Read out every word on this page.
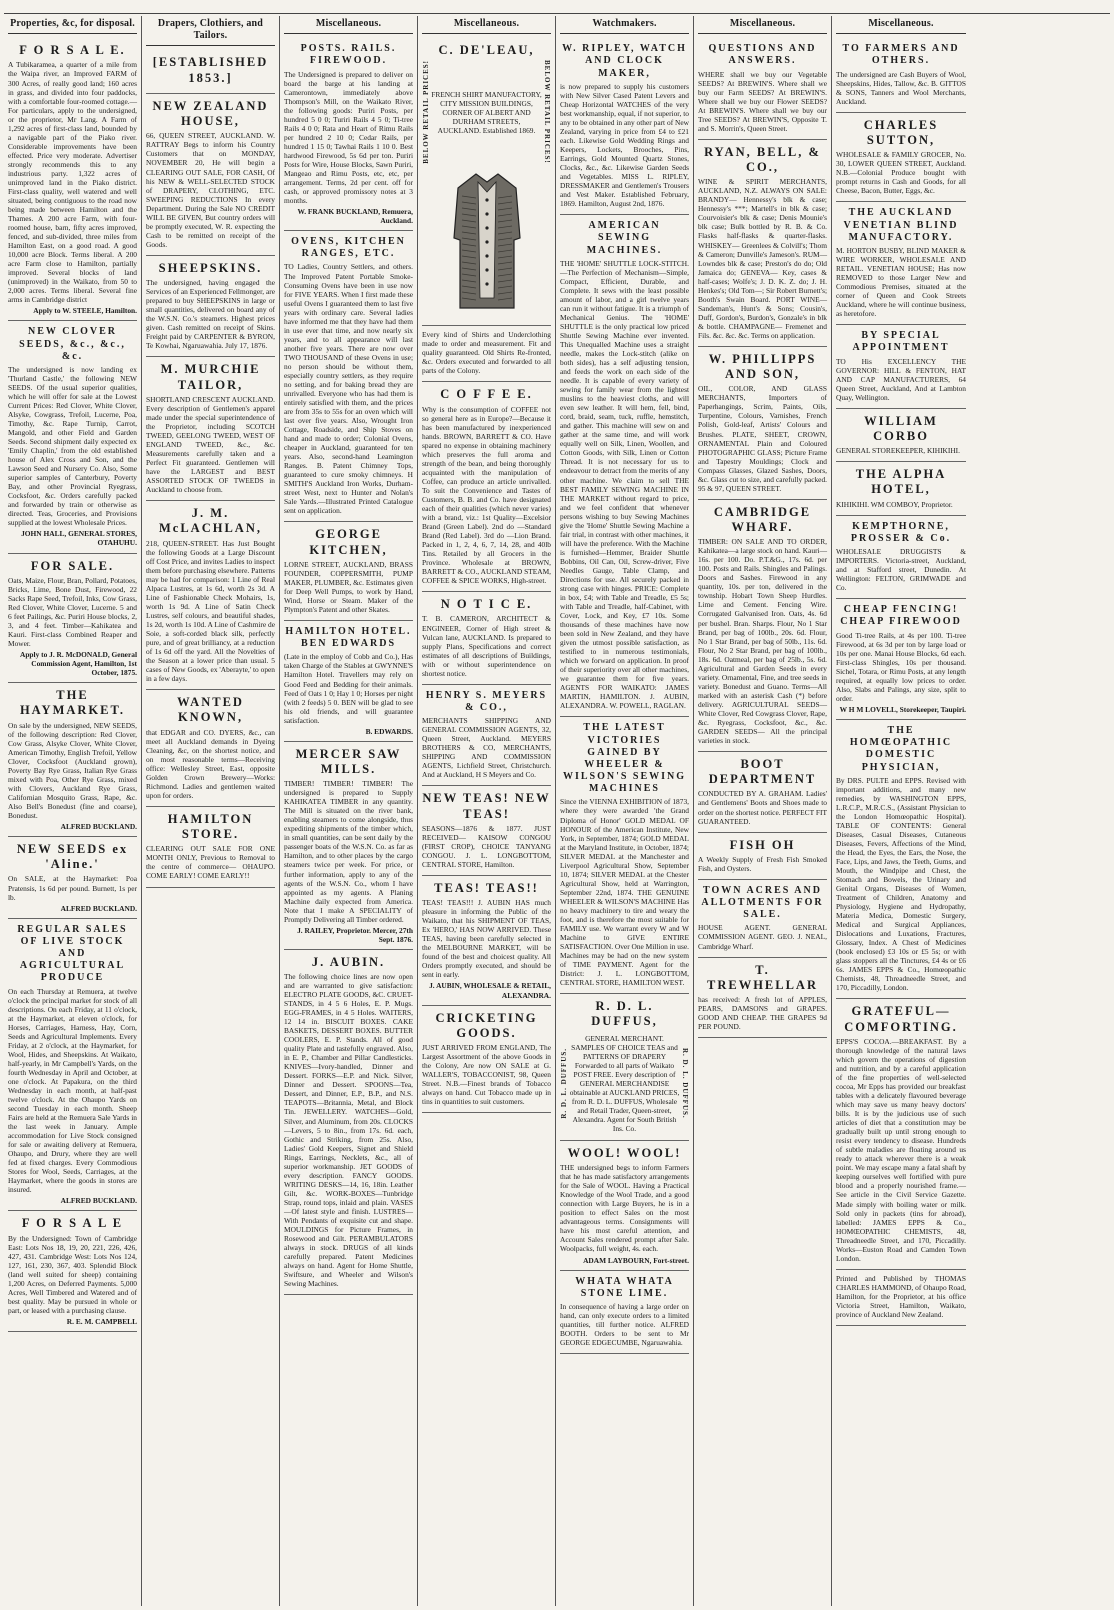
Properties, &c, for disposal.
F O R S A L E.

A Tubikaramea, a quarter of a mile from the Waipa river, an Improved FARM of 300 Acres, of really good land; 160 acres in grass, and divided into four paddocks, with a comfortable four-roomed cottage.—For particulars, apply to the undersigned, or the proprietor, Mr Lang. A Farm of 1,292 acres of first-class land, bounded by a navigable part of the Piako river. Considerable improvements have been effected. Price very moderate. Advertiser strongly recommends this to any industrious party. 1,322 acres of unimproved land in the Piako district. First-class quality, well watered and well situated, being contiguous to the road now being made between Hamilton and the Thames. A 200 acre Farm, with four-roomed house, barn, fifty acres improved, fenced, and sub-divided, three miles from Hamilton East, on a good road. A good 10,000 acre Block. Terms liberal. A 200 acre Farm close to Hamilton, partially improved. Several blocks of land (unimproved) in the Waikato, from 50 to 2,000 acres. Terms liberal. Several fine arms in Cambridge district

Apply to W. STEELE, Hamilton.
NEW CLOVER SEEDS, &c., &c., &c.

The undersigned is now landing ex 'Thurland Castle,' the following NEW SEEDS. Of the usual superior qualities, which he will offer for sale at the Lowest Current Prices: Red Clover, White Clover, Alsyke, Cowgrass, Trefoil, Lucerne, Poa, Timothy, &c. Rape Turnip, Carrot, Mangold, and other Field and Garden Seeds. Second shipment daily expected ex 'Emily Chaplin,' from the old established house of Alex Cross and Son, and the Lawson Seed and Nursery Co. Also, Some superior samples of Canterbury, Poverty Bay, and other Provincial Ryegrass, Cocksfoot, &c. Orders carefully packed and forwarded by train or otherwise as directed. Teas, Groceries, and Provisions supplied at the lowest Wholesale Prices.

JOHN HALL, GENERAL STORES, OTAHUHU.
FOR SALE.

Oats, Maize, Flour, Bran, Pollard, Potatoes, Bricks, Lime, Bone Dust, Firewood, 22 Sacks Rape Seed, Trefoil, Inks, Cow Grass, Red Clover, White Clover, Lucerne. 5 and 6 feet Pailings, &c. Puriri House blocks, 2, 3, and 4 feet. Timber—Kahikatea and Kauri. First-class Combined Reaper and Mower.

Apply to J. R. McDONALD, General Commission Agent, Hamilton, 1st October, 1875.
THE HAYMARKET.

On sale by the undersigned, NEW SEEDS, of the following description: Red Clover, Cow Grass, Alsyke Clover, White Clover, American Timothy, English Trefoil, Yellow Clover, Cocksfoot (Auckland grown), Poverty Bay Rye Grass, Italian Rye Grass mixed with Poa, Other Rye Grass, mixed with Clovers, Auckland Rye Grass, Californian Mosquito Grass, Rape, &c. Also Bell's Bonedust (fine and coarse), Bonedust.

ALFRED BUCKLAND.
NEW SEEDS ex 'Aline.'

On SALE, at the Haymarket: Poa Pratensis, 1s 6d per pound. Burnett, 1s per lb.

ALFRED BUCKLAND.
REGULAR SALES OF LIVE STOCK AND AGRICULTURAL PRODUCE

On each Thursday at Remuera, at twelve o'clock the principal market for stock of all descriptions. On each Friday, at 11 o'clock, at the Haymarket, at eleven o'clock, for Horses, Carriages, Harness, Hay, Corn, Seeds and Agricultural Implements. Every Friday, at 2 o'clock, at the Haymarket, for Wool, Hides, and Sheepskins. At Waikato, half-yearly, in Mr Campbell's Yards, on the fourth Wednesday in April and October, at one o'clock. At Papakura, on the third Wednesday in each month, at half-past twelve o'clock. At the Ohaupo Yards on second Tuesday in each month. Sheep Fairs are held at the Remuera Sale Yards in the last week in January. Ample accommodation for Live Stock consigned for sale or awaiting delivery at Remuera, Ohaupo, and Drury, where they are well fed at fixed charges. Every Commodious Stores for Wool, Seeds, Carriages, at the Haymarket, where the goods in stores are insured.

ALFRED BUCKLAND.
F O R S A L E

By the Undersigned: Town of Cambridge East: Lots Nos 18, 19, 20, 221, 226, 426, 427, 431. Cambridge West: Lots Nos 124, 127, 161, 230, 367, 403. Splendid Block (land well suited for sheep) containing 1,200 Acres, on Deferred Payments. 5,000 Acres, Well Timbered and Watered and of best quality. May be pursued in whole or part, or leased with a purchasing clause.

R. E. M. CAMPBELL
Drapers, Clothiers, and Tailors.
[ESTABLISHED 1853.]
NEW ZEALAND HOUSE,

66, QUEEN STREET, AUCKLAND. W. RATTRAY Begs to inform his Country Customers that on MONDAY, NOVEMBER 20, He will begin a CLEARING OUT SALE, FOR CASH, Of his NEW & WELL-SELECTED STOCK of DRAPERY, CLOTHING, ETC. SWEEPING REDUCTIONS In every Department. During the Sale NO CREDIT WILL BE GIVEN, But country orders will be promptly executed, W. R. expecting the Cash to be remitted on receipt of the Goods.

SHEEPSKINS.

The undersigned, having engaged the Services of an Experienced Fellmonger, are prepared to buy SHEEPSKINS in large or small quantities, delivered on board any of the W.S.N. Co.'s steamers. Highest prices given. Cash remitted on receipt of Skins. Freight paid by CARPENTER & BYRON, Te Kowhai, Ngaruawahia. July 17, 1876.

M. MURCHIE TAILOR,

SHORTLAND CRESCENT AUCKLAND. Every description of Gentlemen's apparel made under the special superintendence of the Proprietor, including SCOTCH TWEED, GEELONG TWEED, WEST OF ENGLAND TWEED, &c., &c. Measurements carefully taken and a Perfect Fit guaranteed. Gentlemen will have the LARGEST and BEST ASSORTED STOCK OF TWEEDS in Auckland to choose from.

J. M. McLACHLAN,

218, QUEEN-STREET. Has Just Bought the following Goods at a Large Discount off Cost Price, and invites Ladies to inspect them before purchasing elsewhere. Patterns may be had for comparison: 1 Line of Real Alpaca Lustres, at 1s 6d, worth 2s 3d. A Line of Fashionable Check Mohairs, 1s, worth 1s 9d. A Line of Satin Check Lustres, self colours, and beautiful shades, 1s 2d, worth 1s 10d. A Line of Cashmire de Soie, a soft-corded black silk, perfectly pure, and of great brilliancy, at a reduction of 1s 6d off the yard. All the Novelties of the Season at a lower price than usual. 5 cases of New Goods, ex 'Aberayte,' to open in a few days.

WANTED KNOWN,

that EDGAR and CO. DYERS, &c., can meet all Auckland demands in Dyeing Cleaning, &c, on the shortest notice, and on most reasonable terms—Receiving office: Wellesley Street, East, opposite Golden Crown Brewery—Works: Richmond. Ladies and gentlemen waited upon for orders.

HAMILTON STORE.

CLEARING OUT SALE FOR ONE MONTH ONLY, Previous to Removal to the centre of commerce— OHAUPO. COME EARLY! COME EARLY!!

Miscellaneous.
POSTS. RAILS. FIREWOOD.

The Undersigned is prepared to deliver on board the barge at his landing at Camerontown, immediately above Thompson's Mill, on the Waikato River, the following goods: Puriri Posts, per hundred 5 0 0; Turiri Rails 4 5 0; Ti-tree Rails 4 0 0; Rata and Heart of Rimu Rails per hundred 2 10 0; Cedar Rails, per hundred 1 15 0; Tawhai Rails 1 10 0. Best hardwood Firewood, 5s 6d per ton. Puriri Posts for Wire, House Blocks, Sawn Puriri, Mangeao and Rimu Posts, etc, etc, per arrangement. Terms, 2d per cent. off for cash, or approved promissory notes at 3 months.

W. FRANK BUCKLAND, Remuera, Auckland.
OVENS, KITCHEN RANGES, ETC.

TO Ladies, Country Settlers, and others. The Improved Patent Portable Smoke-Consuming Ovens have been in use now for FIVE YEARS. When I first made these useful Ovens I guaranteed them to last five years with ordinary care. Several ladies have informed me that they have had them in use ever that time, and now nearly six years, and to all appearance will last another five years. There are now over TWO THOUSAND of these Ovens in use; no person should be without them, especially country settlers, as they require no setting, and for baking bread they are unrivalled. Everyone who has had them is entirely satisfied with them, and the prices are from 35s to 55s for an oven which will last over five years. Also, Wrought Iron Cottage, Roadside, and Ship Stoves on hand and made to order; Colonial Ovens, cheaper in Auckland, guaranteed for ten years. Also, second-hand Leamington Ranges. B. Patent Chimney Tops, guaranteed to cure smoky chimneys. H SMITH'S Auckland Iron Works, Durham-street West, next to Hunter and Nolan's Sale Yards.—Illustrated Printed Catalogue sent on application.

GEORGE KITCHEN,

LORNE STREET, AUCKLAND, BRASS FOUNDER, COPPERSMITH, PUMP MAKER, PLUMBER, &c. Estimates given for Deep Well Pumps, to work by Hand, Wind, Horse or Steam. Maker of the Plympton's Patent and other Skates.

HAMILTON HOTEL. BEN EDWARDS

(Late in the employ of Cobb and Co.), Has taken Charge of the Stables at GWYNNE'S Hamilton Hotel. Travellers may rely on Good Feed and Bedding for their animals. Feed of Oats 1 0; Hay 1 0; Horses per night (with 2 feeds) 5 0. BEN will be glad to see his old friends, and will guarantee satisfaction.

B. EDWARDS.
MERCER SAW MILLS.

TIMBER! TIMBER! TIMBER! The undersigned is prepared to Supply KAHIKATEA TIMBER in any quantity. The Mill is situated on the river bank, enabling steamers to come alongside, thus expediting shipments of the timber which, in small quantities, can be sent daily by the passenger boats of the W.S.N. Co. as far as Hamilton, and to other places by the cargo steamers twice per week. For price, or further information, apply to any of the agents of the W.S.N. Co., whom I have appointed as my agents. A Planing Machine daily expected from America. Note that I make A SPECIALITY of Promptly Delivering all Timber ordered.

J. RAILEY, Proprietor. Mercer, 27th Sept. 1876.
J. AUBIN.

The following choice lines are now open and are warranted to give satisfaction: ELECTRO PLATE GOODS, &C. CRUET-STANDS, in 4 5 6 Holes, E. P. Mugs. EGG-FRAMES, in 4 5 Holes. WAITERS, 12 14 in. BISCUIT BOXES. CAKE BASKETS, DESSERT BOXES. BUTTER COOLERS, E. P. Stands. All of good quality Plate and tastefully engraved. Also, in E. P., Chamber and Pillar Candlesticks. KNIVES—Ivory-handled, Dinner and Dessert. FORKS—E.P. and Nick. Silver, Dinner and Dessert. SPOONS—Tea, Dessert, and Dinner, E.P., B.P., and N.S. TEAPOTS—Britannia, Metal, and Block Tin. JEWELLERY. WATCHES—Gold, Silver, and Aluminum, from 20s. CLOCKS—Levers, 5 to 8in., from 17s. 6d. each, Gothic and Striking, from 25s. Also, Ladies' Gold Keepers, Signet and Shield Rings, Earrings, Necklets, &c., all of superior workmanship. JET GOODS of every description. FANCY GOODS. WRITING DESKS—14, 16, 18in. Leather Gilt, &c. WORK-BOXES—Tunbridge Strap, round tops, inlaid and plain. VASES—Of latest style and finish. LUSTRES—With Pendants of exquisite cut and shape. MOULDINGS for Picture Frames, in Rosewood and Gilt. PERAMBULATORS always in stock. DRUGS of all kinds carefully prepared. Patent Medicines always on hand. Agent for Home Shuttle, Swiftsure, and Wheeler and Wilson's Sewing Machines.

Miscellaneous.
C. DE'LEAU,
BELOW RETAIL PRICES! FRENCH SHIRT MANUFACTORY, CITY MISSION BUILDINGS, CORNER OF ALBERT AND DURHAM STREETS, AUCKLAND. Established 1869.	BELOW RETAIL PRICES!

Every kind of Shirts and Underclothing made to order and measurement. Fit and quality guaranteed. Old Shirts Re-fronted, &c. Orders executed and forwarded to all parts of the Colony.

C O F F E E.

Why is the consumption of COFFEE not so general here as in Europe?—Because it has been manufactured by inexperienced hands. BROWN, BARRETT & CO. Have spared no expense in obtaining machinery which preserves the full aroma and strength of the bean, and being thoroughly acquainted with the manipulation of Coffee, can produce an article unrivalled. To suit the Convenience and Tastes of Customers, B. B. and Co. have designated each of their qualities (which never varies) with a brand, viz.: 1st Quality—Excelsior Brand (Green Label). 2nd do —Standard Brand (Red Label). 3rd do —Lion Brand. Packed in 1, 2, 4, 6, 7, 14, 28, and 40lb Tins. Retailed by all Grocers in the Province. Wholesale at BROWN, BARRETT & CO., AUCKLAND STEAM, COFFEE & SPICE WORKS, High-street.

N O T I C E.

T. B. CAMERON, ARCHITECT & ENGINEER, Corner of High street & Vulcan lane, AUCKLAND. Is prepared to supply Plans, Specifications and correct estimates of all descriptions of Buildings, with or without superintendence on shortest notice.

HENRY S. MEYERS & CO.,

MERCHANTS SHIPPING AND GENERAL COMMISSION AGENTS, 32, Queen Street, Auckland. MEYERS BROTHERS & CO, MERCHANTS, SHIPPING AND COMMISSION AGENTS, Lichfield Street, Christchurch. And at Auckland, H S Meyers and Co.

NEW TEAS! NEW TEAS!

SEASONS—1876 & 1877. JUST RECEIVED— KAISOW CONGOU (FIRST CROP), CHOICE TANYANG CONGOU. J. L. LONGBOTTOM, CENTRAL STORE, Hamilton.

TEAS! TEAS!!

TEAS! TEAS!!! J. AUBIN HAS much pleasure in informing the Public of the Waikato, that his SHIPMENT OF TEAS, Ex 'HERO,' HAS NOW ARRIVED. These TEAS, having been carefully selected in the MELBOURNE MARKET, will be found of the best and choicest quality. All Orders promptly executed, and should be sent in early.

J. AUBIN, WHOLESALE & RETAIL, ALEXANDRA.
CRICKETING GOODS.

JUST ARRIVED FROM ENGLAND, The Largest Assortment of the above Goods in the Colony, Are now ON SALE at G. WALLER'S, TOBACCONIST, 98, Queen Street. N.B.—Finest brands of Tobacco always on hand. Cut Tobacco made up in tins in quantities to suit customers.

Watchmakers.
W. RIPLEY, WATCH AND CLOCK MAKER,

is now prepared to supply his customers with New Silver Cased Patent Levers and Cheap Horizontal WATCHES of the very best workmanship, equal, if not superior, to any to be obtained in any other part of New Zealand, varying in price from £4 to £21 each. Likewise Gold Wedding Rings and Keepers, Lockets, Brooches, Pins, Earrings, Gold Mounted Quartz Stones, Clocks, &c., &c. Likewise Garden Seeds and Vegetables. MISS L. RIPLEY, DRESSMAKER and Gentlemen's Trousers and Vest Maker. Established February, 1869. Hamilton, August 2nd, 1876.

AMERICAN SEWING MACHINES.

THE 'HOME' SHUTTLE LOCK-STITCH.—The Perfection of Mechanism—Simple, Compact, Efficient, Durable, and Complete. It sews with the least possible amount of labor, and a girl twelve years can run it without fatigue. It is a triumph of Mechanical Genius. The 'HOME' SHUTTLE is the only practical low priced Shuttle Sewing Machine ever invented. This Unequalled Machine uses a straight needle, makes the Lock-stitch (alike on both sides), has a self adjusting tension, and feeds the work on each side of the needle. It is capable of every variety of sewing for family wear from the lightest muslins to the heaviest cloths, and will even sew leather. It will hem, fell, bind, cord, braid, seam, tuck, ruffle, hemstitch, and gather. This machine will sew on and gather at the same time, and will work equally well on Silk, Linen, Woollen, and Cotton Goods, with Silk, Linen or Cotton Thread. It is not necessary for us to endeavour to detract from the merits of any other machine. We claim to sell THE BEST FAMILY SEWING MACHINE IN THE MARKET without regard to price, and we feel confident that whenever persons wishing to buy Sewing Machines give the 'Home' Shuttle Sewing Machine a fair trial, in contrast with other machines, it will have the preference. With the Machine is furnished—Hemmer, Braider Shuttle Bobbins, Oil Can, Oil, Screw-driver, Five Needles Gauge, Table Clamp, and Directions for use. All securely packed in strong case with hinges. PRICE: Complete in box, £4; with Table and Treadle, £5 5s; with Table and Treadle, half-Cabinet, with Cover, Lock, and Key, £7 10s. Some thousands of these machines have now been sold in New Zealand, and they have given the utmost possible satisfaction, as testified to in numerous testimonials, which we forward on application. In proof of their superiority over all other machines, we guarantee them for five years. AGENTS FOR WAIKATO: JAMES MARTIN, HAMILTON. J. AUBIN, ALEXANDRA. W. POWELL, RAGLAN.

THE LATEST VICTORIES GAINED BY WHEELER & WILSON'S SEWING MACHINES

Since the VIENNA EXHIBITION of 1873, where they were awarded 'the Grand Diploma of Honor' GOLD MEDAL OF HONOUR of the American Institute, New York, in September, 1874; GOLD MEDAL at the Maryland Institute, in October, 1874; SILVER MEDAL at the Manchester and Liverpool Agricultural Show, September 10, 1874; SILVER MEDAL at the Chester Agricultural Show, held at Warrington, September 22nd, 1874. THE GENUINE WHEELER & WILSON'S MACHINE Has no heavy machinery to tire and weary the foot, and is therefore the most suitable for FAMILY use. We warrant every W and W Machine to GIVE ENTIRE SATISFACTION. Over One Million in use. Machines may be had on the new system of TIME PAYMENT. Agent for the District: J. L. LONGBOTTOM, CENTRAL STORE, HAMILTON WEST.

R. D. L. DUFFUS,
R. D. L. DUFFUS.
GENERAL MERCHANT. SAMPLES OF CHOICE TEAS and PATTERNS OF DRAPERY Forwarded to all parts of Waikato POST FREE. Every description of GENERAL MERCHANDISE obtainable at AUCKLAND PRICES, from R. D. L. DUFFUS, Wholesale and Retail Trader, Queen-street, Alexandra. Agent for South British Ins. Co.
R. D. L. DUFFUS.
WOOL! WOOL!

THE undersigned begs to inform Farmers that he has made satisfactory arrangements for the Sale of WOOL. Having a Practical Knowledge of the Wool Trade, and a good connection with Large Buyers, he is in a position to effect Sales on the most advantageous terms. Consignments will have his most careful attention, and Account Sales rendered prompt after Sale. Woolpacks, full weight, 4s. each.

ADAM LAYBOURN, Fort-street.
WHATA WHATA STONE LIME.

In consequence of having a large order on hand, can only execute orders to a limited quantities, till further notice. ALFRED BOOTH. Orders to be sent to Mr GEORGE EDGECUMBE, Ngaruawahia.

Miscellaneous.
QUESTIONS AND ANSWERS.

WHERE shall we buy our Vegetable SEEDS? At BREWIN'S. Where shall we buy our Farm SEEDS? At BREWIN'S. Where shall we buy our Flower SEEDS? At BREWIN'S. Where shall we buy our Tree SEEDS? At BREWIN'S, Opposite T. and S. Morrin's, Queen Street.

RYAN, BELL, & CO.,

WINE & SPIRIT MERCHANTS, AUCKLAND, N.Z. ALWAYS ON SALE: BRANDY— Hennessy's blk & case; Hennessy's ***; Martell's in blk & case; Courvoisier's blk & case; Denis Mounie's blk case; Bulk bottled by R. B. & Co. Flasks half-flasks & quarter-flasks. WHISKEY— Greenlees & Colvill's; Thom & Cameron; Dunville's Jameson's. RUM— Lowndes blk & case; Preston's do do; Old Jamaica do; GENEVA— Key, cases & half-cases; Wolfe's; J. D. K. Z. do; J. H. Henkes's; Old Tom—; Sir Robert Burnett's; Booth's Swain Board. PORT WINE— Sandeman's, Hunt's & Sons; Cousin's, Duff, Gordon's, Burdon's, Gonzale's in blk & bottle. CHAMPAGNE— Fremenet and Fils. &c. &c. &c. Terms on application.

W. PHILLIPPS AND SON,

OIL, COLOR, AND GLASS MERCHANTS, Importers of Paperhangings, Scrim, Paints, Oils, Turpentine, Colours, Varnishes, French Polish, Gold-leaf, Artists' Colours and Brushes. PLATE, SHEET, CROWN, ORNAMENTAL Plain and Coloured PHOTOGRAPHIC GLASS; Picture Frame and Tapestry Mouldings; Clock and Compass Glasses, Glazed Sashes, Doors, &c. Glass cut to size, and carefully packed. 95 & 97, QUEEN STREET.

CAMBRIDGE WHARF.

TIMBER: ON SALE AND TO ORDER, Kahikatea—a large stock on hand. Kauri—16s. per 100. Do. P.T.&G., 17s. 6d. per 100. Posts and Rails. Shingles and Palings. Doors and Sashes. Firewood in any quantity, 10s. per ton, delivered in the township. Hobart Town Sheep Hurdles. Lime and Cement. Fencing Wire. Corrugated Galvanised Iron. Oats, 4s. 6d per bushel. Bran. Sharps. Flour, No 1 Star Brand, per bag of 100lb., 20s. 6d. Flour, No 1 Star Brand, per bag of 50lb., 11s. 6d. Flour, No 2 Star Brand, per bag of 100lb., 18s. 6d. Oatmeal, per bag of 25lb., 5s. 6d. Agricultural and Garden Seeds in every variety. Ornamental, Fine, and tree seeds in variety. Bonedust and Guano. Terms—All marked with an asterisk Cash (*) before delivery. AGRICULTURAL SEEDS— White Clover, Red Cowgrass Clover, Rape, &c. Ryegrass, Cocksfoot, &c., &c. GARDEN SEEDS— All the principal varieties in stock.

BOOT DEPARTMENT

CONDUCTED BY A. GRAHAM. Ladies' and Gentlemens' Boots and Shoes made to order on the shortest notice. PERFECT FIT GUARANTEED.

FISH OH

A Weekly Supply of Fresh Fish Smoked Fish, and Oysters.

TOWN ACRES AND ALLOTMENTS FOR SALE.

HOUSE AGENT. GENERAL COMMISSION AGENT. GEO. J. NEAL, Cambridge Wharf.

T. TREWHELLAR

has received: A fresh lot of APPLES, PEARS, DAMSONS and GRAPES. GOOD AND CHEAP. THE GRAPES 9d PER POUND.

Miscellaneous.
TO FARMERS AND OTHERS.

The undersigned are Cash Buyers of Wool, Sheepskins, Hides, Tallow, &c. B. GITTOS & SONS, Tanners and Wool Merchants, Auckland.

CHARLES SUTTON,

WHOLESALE & FAMILY GROCER, No. 30, LOWER QUEEN STREET, Auckland. N.B.—Colonial Produce bought with prompt returns in Cash and Goods, for all Cheese, Bacon, Butter, Eggs, &c.

THE AUCKLAND VENETIAN BLIND MANUFACTORY.

M. HORTON BUSBY, BLIND MAKER & WIRE WORKER, WHOLESALE AND RETAIL. VENETIAN HOUSE; Has now REMOVED to those Larger New and Commodious Premises, situated at the corner of Queen and Cook Streets Auckland, where he will continue business, as heretofore.

BY SPECIAL APPOINTMENT

TO His EXCELLENCY THE GOVERNOR: HILL & FENTON, HAT AND CAP MANUFACTURERS, 64 Queen Street, Auckland, And at Lambton Quay, Wellington.

WILLIAM CORBO

GENERAL STOREKEEPER, KIHIKIHI.

THE ALPHA HOTEL,

KIHIKIHI. WM COMBOY, Proprietor.

KEMPTHORNE, PROSSER & Co.

WHOLESALE DRUGGISTS & IMPORTERS. Victoria-street, Auckland, and at Stafford street, Dunedin. At Wellington: FELTON, GRIMWADE and Co.

CHEAP FENCING! CHEAP FIREWOOD

Good Ti-tree Rails, at 4s per 100. Ti-tree Firewood, at 6s 3d per ton by large load or 10s per one. Manai House Blocks, 6d each. First-class Shingles, 10s per thousand. Sichel, Totara, or Rimu Posts, at any length required, at equally low prices to order. Also, Slabs and Palings, any size, split to order.

W H M LOVELL, Storekeeper, Taupiri.
THE HOMŒOPATHIC DOMESTIC PHYSICIAN,

By DRS. PULTE and EPPS. Revised with important additions, and many new remedies, by WASHINGTON EPPS, L.R.C.P., M.R.C.S., (Assistant Physician to the London Homœopathic Hospital). TABLE OF CONTENTS: General Diseases, Casual Diseases, Cutaneous Diseases, Fevers, Affections of the Mind, the Head, the Eyes, the Ears, the Nose, the Face, Lips, and Jaws, the Teeth, Gums, and Mouth, the Windpipe and Chest, the Stomach and Bowels, the Urinary and Genital Organs, Diseases of Women, Treatment of Children, Anatomy and Physiology, Hygiene and Hydropathy, Materia Medica, Domestic Surgery, Medical and Surgical Appliances, Dislocations and Luxations, Fractures, Glossary, Index. A Chest of Medicines (book enclosed) £3 10s or £5 5s; or with glass stoppers all the Tinctures, £4 4s or £6 6s. JAMES EPPS & Co., Homœopathic Chemists, 48, Threadneedle Street, and 170, Piccadilly, London.

GRATEFUL—COMFORTING.

EPPS'S COCOA.—BREAKFAST. By a thorough knowledge of the natural laws which govern the operations of digestion and nutrition, and by a careful application of the fine properties of well-selected cocoa, Mr Epps has provided our breakfast tables with a delicately flavoured beverage which may save us many heavy doctors' bills. It is by the judicious use of such articles of diet that a constitution may be gradually built up until strong enough to resist every tendency to disease. Hundreds of subtle maladies are floating around us ready to attack wherever there is a weak point. We may escape many a fatal shaft by keeping ourselves well fortified with pure blood and a properly nourished frame.—See article in the Civil Service Gazette. Made simply with boiling water or milk. Sold only in packets (tins for abroad), labelled: JAMES EPPS & Co., HOMŒOPATHIC CHEMISTS, 48, Threadneedle Street, and 170, Piccadilly. Works—Euston Road and Camden Town London.

Printed and Published by THOMAS CHARLES HAMMOND, of Ohaupo Road, Hamilton, for the Proprietor, at his office Victoria Street, Hamilton, Waikato, province of Auckland New Zealand.
